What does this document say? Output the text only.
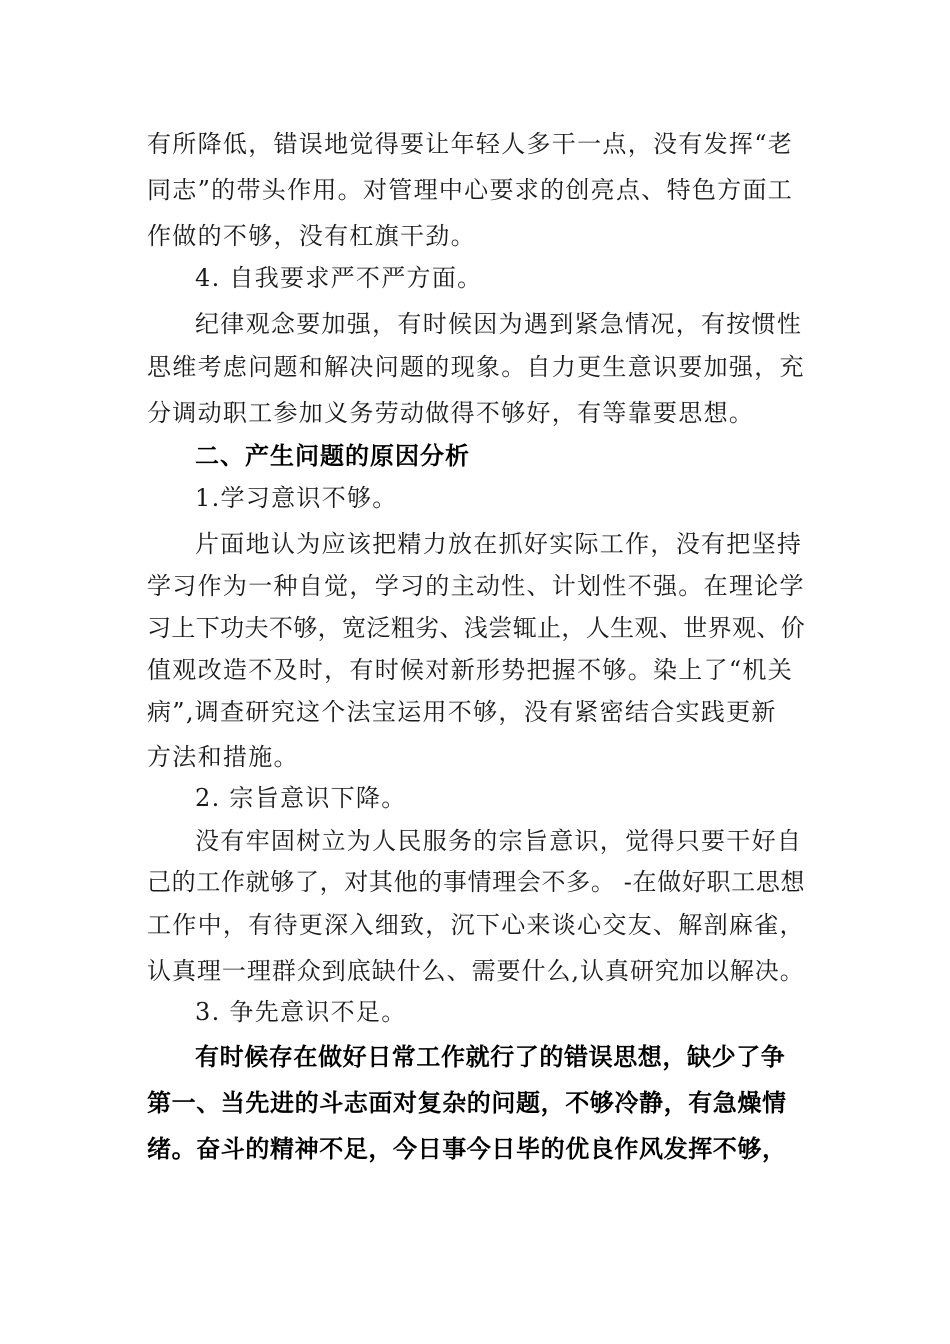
有所降低，错误地觉得要让年轻人多干一点，没有发挥“老
同志”的带头作用。对管理中心要求的创亮点、特色方面工
作做的不够，没有杠旗干劲。
4. 自我要求严不严方面。
纪律观念要加强，有时候因为遇到紧急情况，有按惯性
思维考虑问题和解决问题的现象。自力更生意识要加强，充
分调动职工参加义务劳动做得不够好，有等靠要思想。
二、产生问题的原因分析
1.学习意识不够。
片面地认为应该把精力放在抓好实际工作，没有把坚持
学习作为一种自觉，学习的主动性、计划性不强。在理论学
习上下功夫不够，宽泛粗劣、浅尝辄止，人生观、世界观、价
值观改造不及时，有时候对新形势把握不够。染上了“机关
病”,调查研究这个法宝运用不够，没有紧密结合实践更新
方法和措施。
2. 宗旨意识下降。
没有牢固树立为人民服务的宗旨意识，觉得只要干好自
己的工作就够了，对其他的事情理会不多。 -在做好职工思想
工作中，有待更深入细致，沉下心来谈心交友、解剖麻雀，
认真理一理群众到底缺什么、需要什么,认真研究加以解决。
3. 争先意识不足。
有时候存在做好日常工作就行了的错误思想，缺少了争
第一、当先进的斗志面对复杂的问题，不够冷静，有急燥情
绪。奋斗的精神不足，今日事今日毕的优良作风发挥不够，
